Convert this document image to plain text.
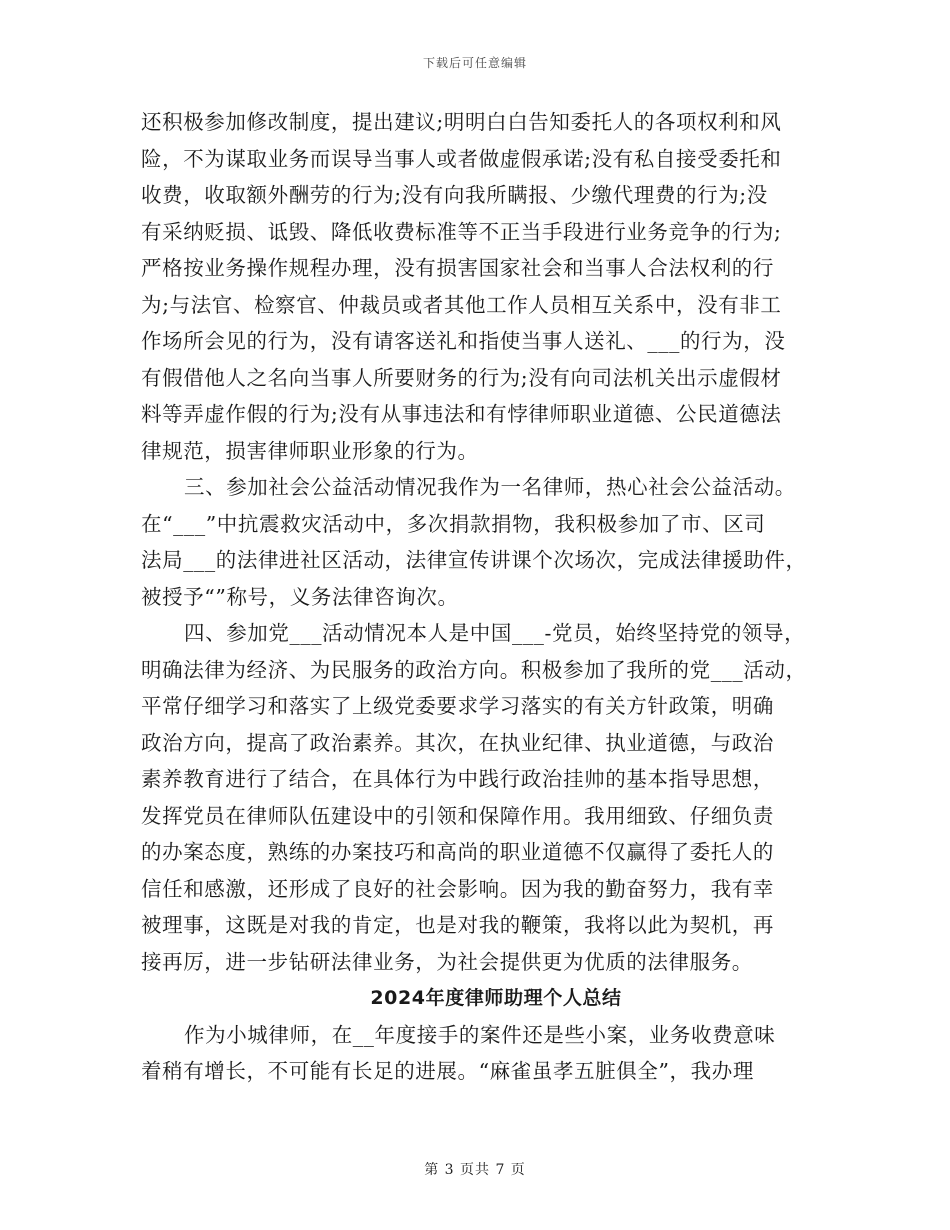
下载后可任意编辑
还积极参加修改制度，提出建议;明明白白告知委托人的各项权利和风
险，不为谋取业务而误导当事人或者做虚假承诺;没有私自接受委托和
收费，收取额外酬劳的行为;没有向我所瞒报、少缴代理费的行为;没
有采纳贬损、诋毁、降低收费标准等不正当手段进行业务竞争的行为;
严格按业务操作规程办理，没有损害国家社会和当事人合法权利的行
为;与法官、检察官、仲裁员或者其他工作人员相互关系中，没有非工
作场所会见的行为，没有请客送礼和指使当事人送礼、___的行为，没
有假借他人之名向当事人所要财务的行为;没有向司法机关出示虚假材
料等弄虚作假的行为;没有从事违法和有悖律师职业道德、公民道德法
律规范，损害律师职业形象的行为。
三、参加社会公益活动情况我作为一名律师，热心社会公益活动。
在“___”中抗震救灾活动中，多次捐款捐物，我积极参加了市、区司
法局___的法律进社区活动，法律宣传讲课个次场次，完成法律援助件，
被授予“”称号，义务法律咨询次。
四、参加党___活动情况本人是中国___-党员，始终坚持党的领导，
明确法律为经济、为民服务的政治方向。积极参加了我所的党___活动，
平常仔细学习和落实了上级党委要求学习落实的有关方针政策，明确
政治方向，提高了政治素养。其次，在执业纪律、执业道德，与政治
素养教育进行了结合，在具体行为中践行政治挂帅的基本指导思想，
发挥党员在律师队伍建设中的引领和保障作用。我用细致、仔细负责
的办案态度，熟练的办案技巧和高尚的职业道德不仅赢得了委托人的
信任和感激，还形成了良好的社会影响。因为我的勤奋努力，我有幸
被理事，这既是对我的肯定，也是对我的鞭策，我将以此为契机，再
接再厉，进一步钻研法律业务，为社会提供更为优质的法律服务。
2024年度律师助理个人总结
作为小城律师，在__年度接手的案件还是些小案，业务收费意味
着稍有增长，不可能有长足的进展。“麻雀虽孝五脏俱全”，我办理
第 3 页共 7 页
